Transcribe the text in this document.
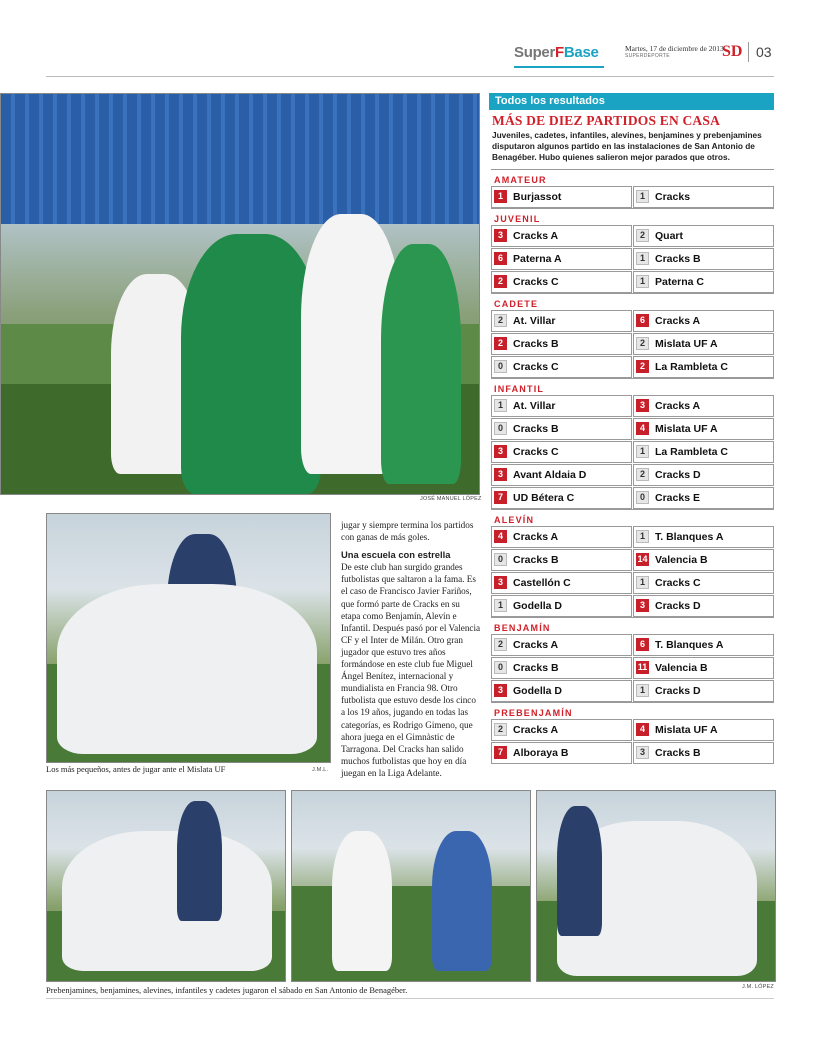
SuperFBase	Martes, 17 de diciembre de 2013
SUPERDEPORTE	SD 03
JOSÉ MANUEL LÓPEZ
Los más pequeños, antes de jugar ante el Mislata UF	J.M.L.

jugar y siempre termina los partidos con ganas de más goles.

Una escuela con estrella

De este club han surgido grandes futbolistas que saltaron a la fama. Es el caso de Francisco Javier Fariños, que formó parte de Cracks en su etapa como Benjamín, Alevín e Infantil. Después pasó por el Valencia CF y el Inter de Milán. Otro gran jugador que estuvo tres años formándose en este club fue Miguel Ángel Benítez, internacional y mundialista en Francia 98. Otro futbolista que estuvo desde los cinco a los 19 años, jugando en todas las categorías, es Rodrigo Gimeno, que ahora juega en el Gimnàstic de Tarragona. Del Cracks han salido muchos futbolistas que hoy en día juegan en la Liga Adelante.

Todos los resultados
MÁS DE DIEZ PARTIDOS EN CASA
Juveniles, cadetes, infantiles, alevines, benjamines y prebenjamines disputaron algunos partido en las instalaciones de San Antonio de Benagéber. Hubo quienes salieron mejor parados que otros.
AMATEUR
1 Burjassot	1 Cracks
JUVENIL
3 Cracks A	2 Quart
6 Paterna A	1 Cracks B
2 Cracks C	1 Paterna C
CADETE
2 At. Villar	6 Cracks A
2 Cracks B	2 Mislata UF A
0 Cracks C	2 La Rambleta C
INFANTIL
1 At. Villar	3 Cracks A
0 Cracks B	4 Mislata UF A
3 Cracks C	1 La Rambleta C
3 Avant Aldaia D	2 Cracks D
7 UD Bétera C	0 Cracks E
ALEVÍN
4 Cracks A	1 T. Blanques A
0 Cracks B	14 Valencia B
3 Castellón C	1 Cracks C
1 Godella D	3 Cracks D
BENJAMÍN
2 Cracks A	6 T. Blanques A
0 Cracks B	11 Valencia B
3 Godella D	1 Cracks D
PREBENJAMÍN
2 Cracks A	4 Mislata UF A
7 Alboraya B	3 Cracks B
Prebenjamines, benjamines, alevines, infantiles y cadetes jugaron el sábado en San Antonio de Benagéber.	J.M. LÓPEZ
